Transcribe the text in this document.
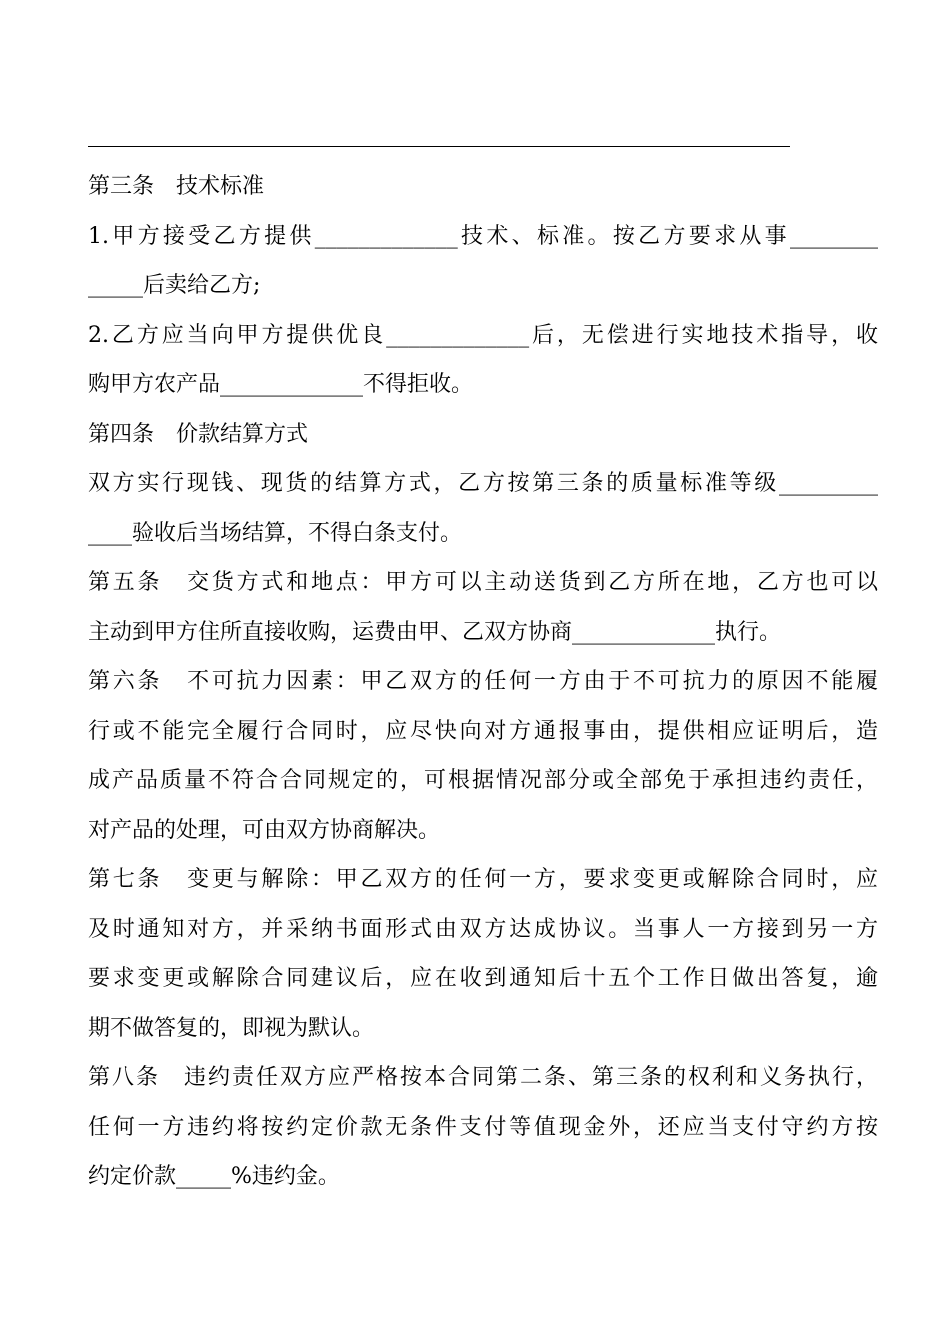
第三条　技术标准
1.甲方接受乙方提供_____________技术、标准。按乙方要求从事________
_____后卖给乙方;
2.乙方应当向甲方提供优良_____________后，无偿进行实地技术指导，收
购甲方农产品_____________不得拒收。
第四条　价款结算方式
双方实行现钱、现货的结算方式，乙方按第三条的质量标准等级_________
____验收后当场结算，不得白条支付。
第五条　交货方式和地点：甲方可以主动送货到乙方所在地，乙方也可以
主动到甲方住所直接收购，运费由甲、乙双方协商_____________执行。
第六条　不可抗力因素：甲乙双方的任何一方由于不可抗力的原因不能履
行或不能完全履行合同时，应尽快向对方通报事由，提供相应证明后，造
成产品质量不符合合同规定的，可根据情况部分或全部免于承担违约责任，
对产品的处理，可由双方协商解决。
第七条　变更与解除：甲乙双方的任何一方，要求变更或解除合同时，应
及时通知对方，并采纳书面形式由双方达成协议。当事人一方接到另一方
要求变更或解除合同建议后，应在收到通知后十五个工作日做出答复，逾
期不做答复的，即视为默认。
第八条　违约责任双方应严格按本合同第二条、第三条的权利和义务执行，
任何一方违约将按约定价款无条件支付等值现金外，还应当支付守约方按
约定价款_____%违约金。
